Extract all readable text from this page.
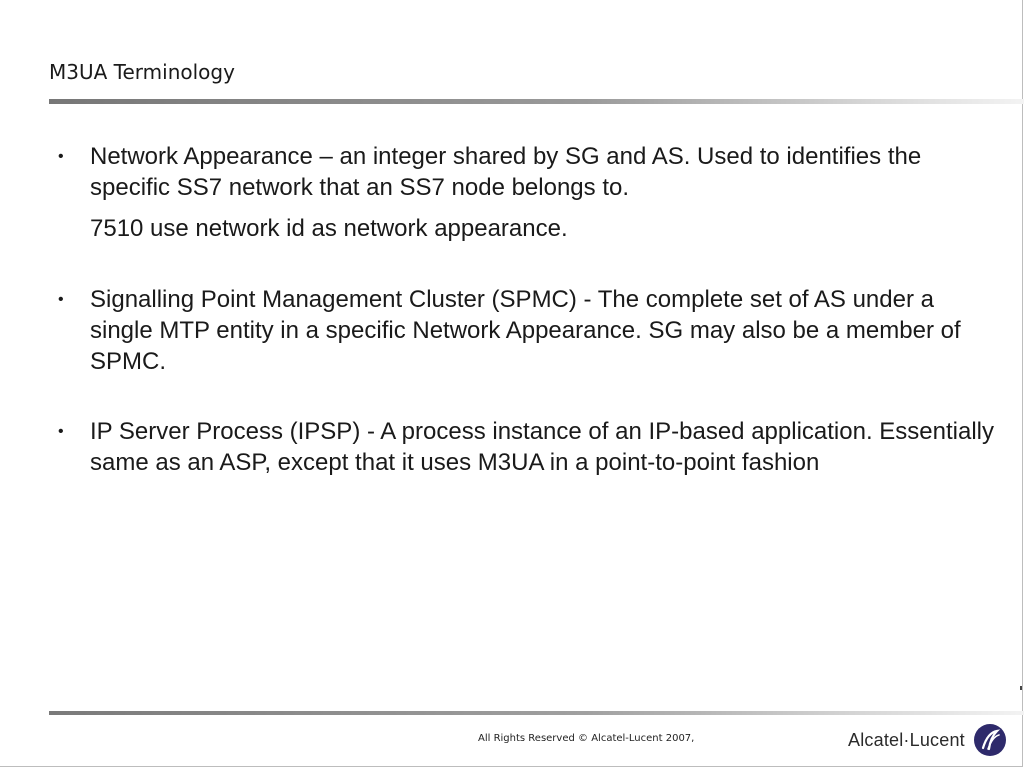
M3UA Terminology
• Network Appearance – an integer shared by SG and AS. Used to identifies the specific SS7 network that an SS7 node belongs to.
7510 use network id as network appearance.
• Signalling Point Management Cluster (SPMC) - The complete set of AS under a single MTP entity in a specific Network Appearance. SG may also be a member of SPMC.
• IP Server Process (IPSP) - A process instance of an IP-based application. Essentially same as an ASP, except that it uses M3UA in a point-to-point fashion
All Rights Reserved © Alcatel-Lucent 2007,	Alcatel·Lucent
